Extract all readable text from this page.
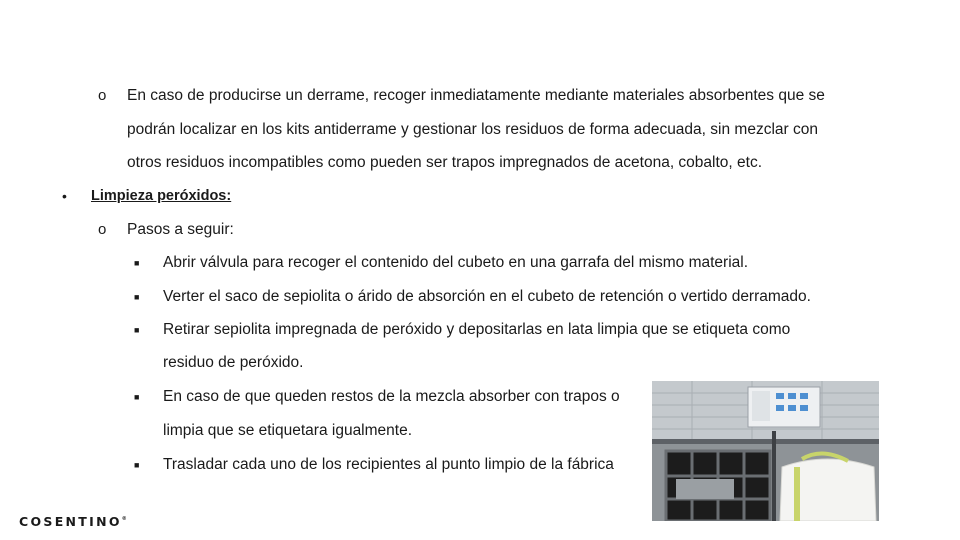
o En caso de producirse un derrame, recoger inmediatamente mediante materiales absorbentes que se
podrán localizar en los kits antiderrame y gestionar los residuos de forma adecuada, sin mezclar con
otros residuos incompatibles como pueden ser trapos impregnados de acetona, cobalto, etc.
• Limpieza peróxidos:
o Pasos a seguir:
■ Abrir válvula para recoger el contenido del cubeto en una garrafa del mismo material.
■ Verter el saco de sepiolita o árido de absorción en el cubeto de retención o vertido derramado.
■ Retirar sepiolita impregnada de peróxido y depositarlas en lata limpia que se etiqueta como
residuo de peróxido.
■ En caso de que queden restos de la mezcla absorber con trapos o
limpia que se etiquetara igualmente.
■ Trasladar cada uno de los recipientes al punto limpio de la fábrica
COSENTINO®
